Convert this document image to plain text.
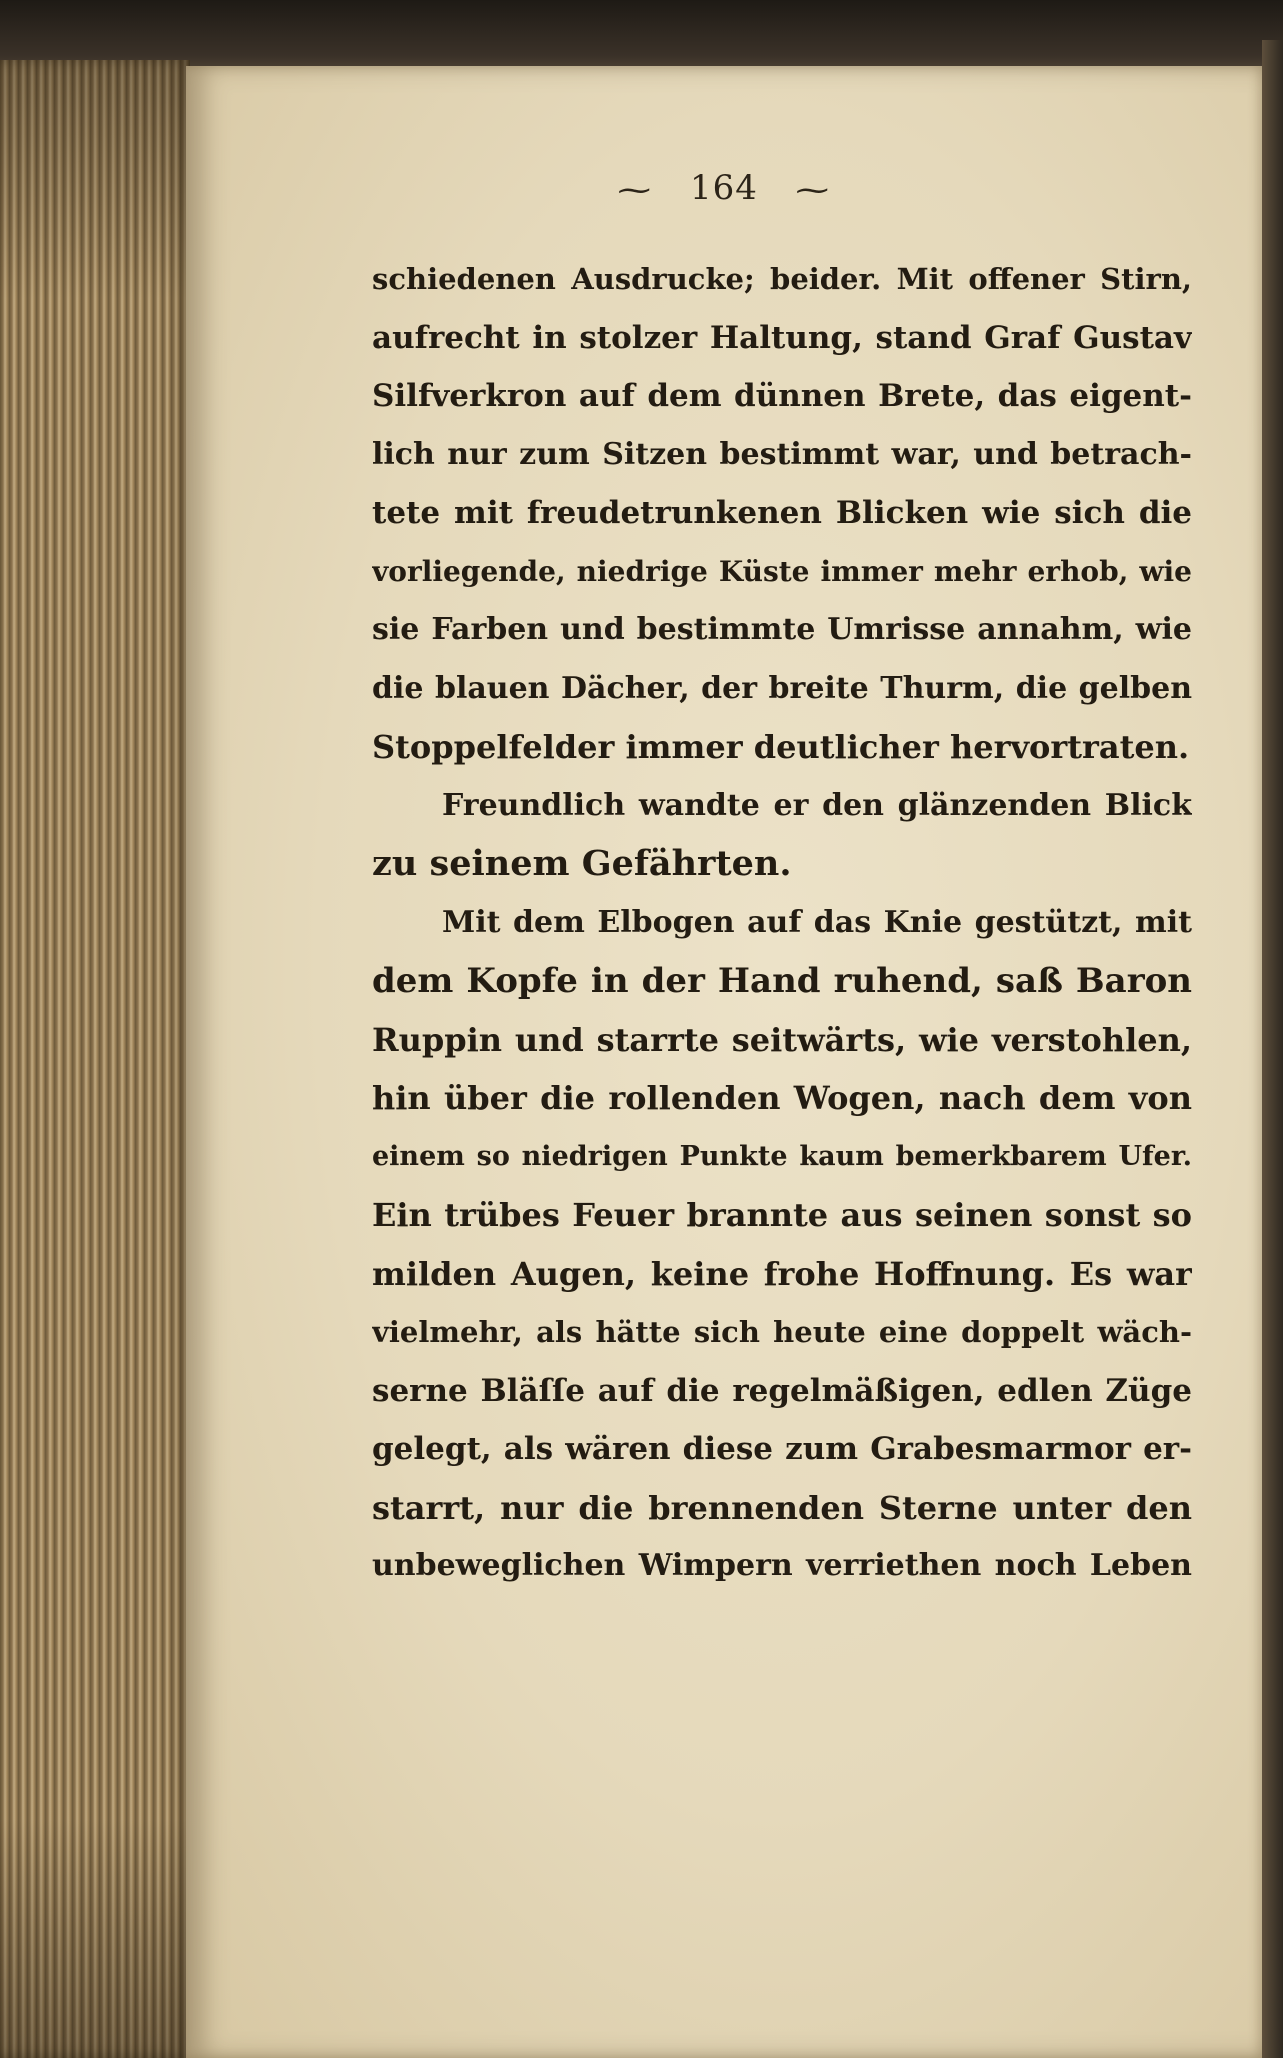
~ 164 ~
schiedenen Ausdrucke; beider. Mit offener Stirn,
aufrecht in stolzer Haltung, stand Graf Gustav
Silfverkron auf dem dünnen Brete, das eigent-
lich nur zum Sitzen bestimmt war, und betrach-
tete mit freudetrunkenen Blicken wie sich die
vorliegende, niedrige Küste immer mehr erhob, wie
sie Farben und bestimmte Umrisse annahm, wie
die blauen Dächer, der breite Thurm, die gelben
Stoppelfelder immer deutlicher hervortraten.
Freundlich wandte er den glänzenden Blick
zu seinem Gefährten.
Mit dem Elbogen auf das Knie gestützt, mit
dem Kopfe in der Hand ruhend, saß Baron
Ruppin und starrte seitwärts, wie verstohlen,
hin über die rollenden Wogen, nach dem von
einem so niedrigen Punkte kaum bemerkbarem Ufer.
Ein trübes Feuer brannte aus seinen sonst so
milden Augen, keine frohe Hoffnung. Es war
vielmehr, als hätte sich heute eine doppelt wäch-
serne Bläſſe auf die regelmäßigen, edlen Züge
gelegt, als wären diese zum Grabesmarmor er-
starrt, nur die brennenden Sterne unter den
unbeweglichen Wimpern verriethen noch Leben
